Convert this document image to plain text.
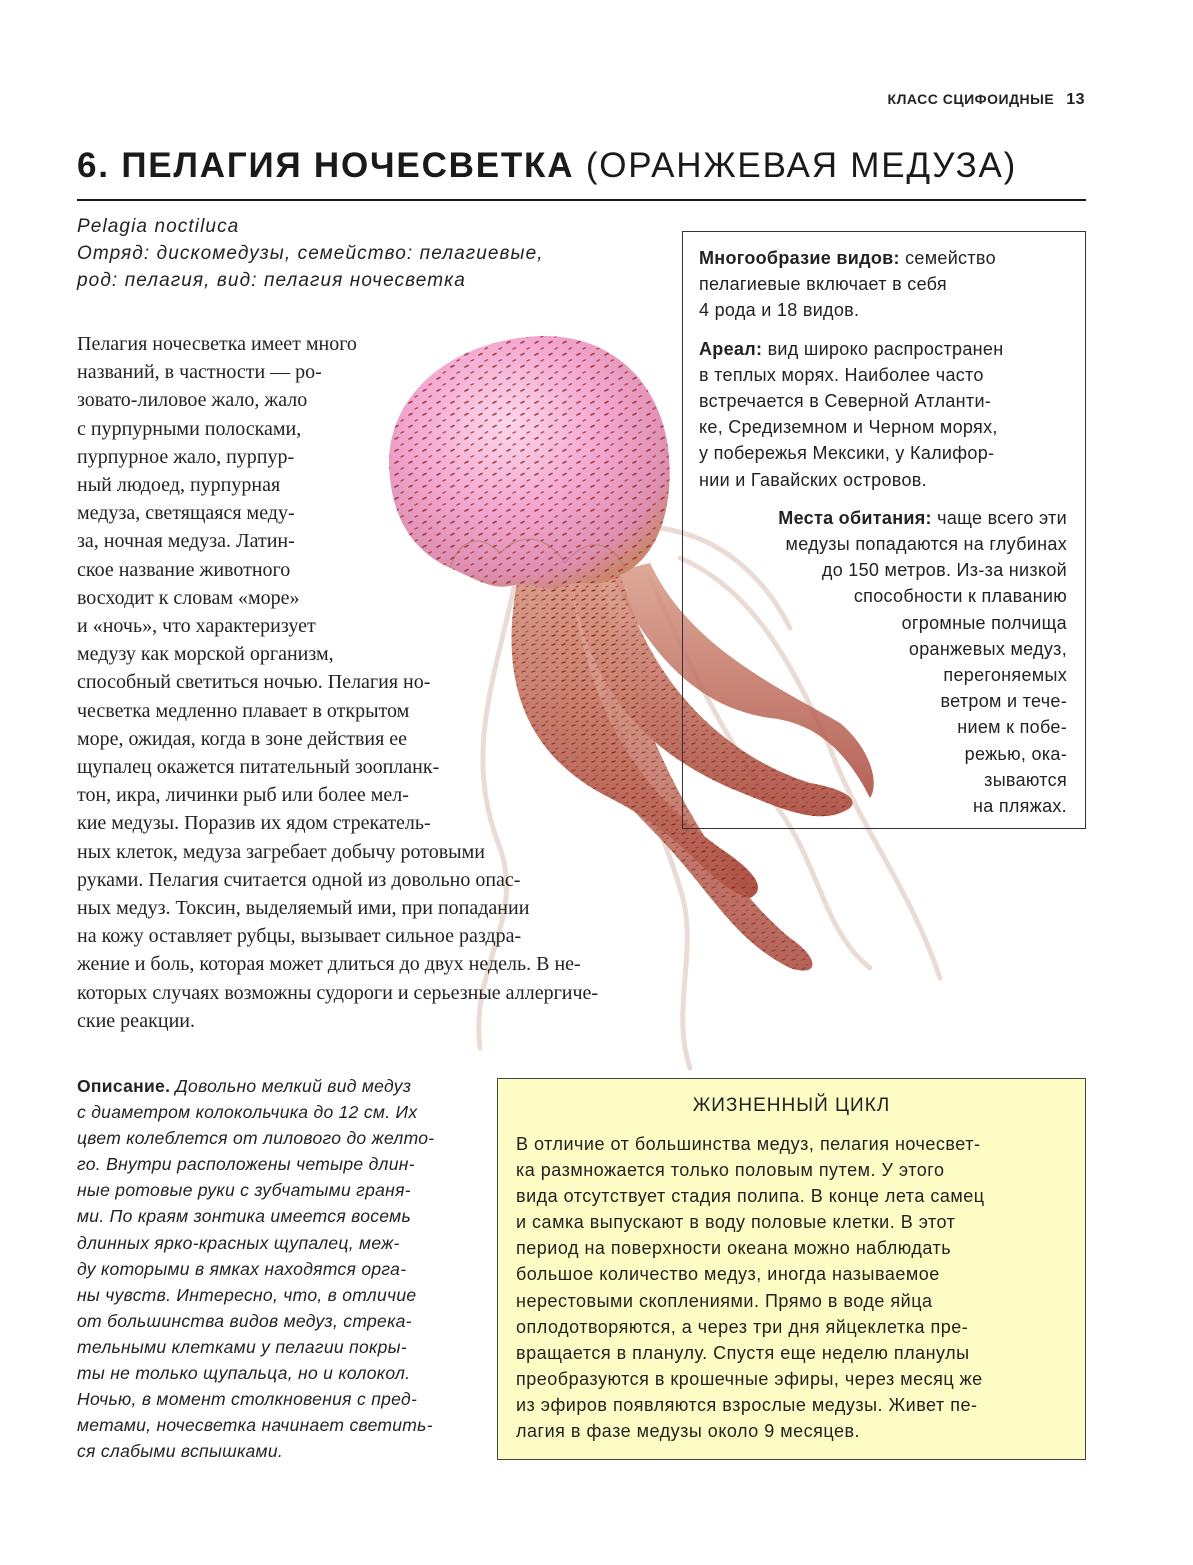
КЛАСС СЦИФОИДНЫЕ 13
6. ПЕЛАГИЯ НОЧЕСВЕТКА (ОРАНЖЕВАЯ МЕДУЗА)
Pelagia noctiluca
Отряд: дискомедузы, семейство: пелагиевые,
род: пелагия, вид: пелагия ночесветка
Пелагия ночесветка имеет много
названий, в частности — ро-
зовато-лиловое жало, жало
с пурпурными полосками,
пурпурное жало, пурпур-
ный людоед, пурпурная
медуза, светящаяся меду-
за, ночная медуза. Латин-
ское название животного
восходит к словам «море»
и «ночь», что характеризует
медузу как морской организм,
способный светиться ночью. Пелагия но-
чесветка медленно плавает в открытом
море, ожидая, когда в зоне действия ее
щупалец окажется питательный зоопланк-
тон, икра, личинки рыб или более мел-
кие медузы. Поразив их ядом стрекатель-
ных клеток, медуза загребает добычу ротовыми
руками. Пелагия считается одной из довольно опас-
ных медуз. Токсин, выделяемый ими, при попадании
на кожу оставляет рубцы, вызывает сильное раздра-
жение и боль, которая может длиться до двух недель. В не-
которых случаях возможны судороги и серьезные аллергиче-
ские реакции.
Многообразие видов: семейство
пелагиевые включает в себя
4 рода и 18 видов.
Ареал: вид широко распространен
в теплых морях. Наиболее часто
встречается в Северной Атланти-
ке, Средиземном и Черном морях,
у побережья Мексики, у Калифор-
нии и Гавайских островов.
Места обитания: чаще всего эти
медузы попадаются на глубинах
до 150 метров. Из-за низкой
способности к плаванию
огромные полчища
оранжевых медуз,
перегоняемых
ветром и тече-
нием к побе-
режью, ока-
зываются
на пляжах.
Описание. Довольно мелкий вид медуз
с диаметром колокольчика до 12 см. Их
цвет колеблется от лилового до желто-
го. Внутри расположены четыре длин-
ные ротовые руки с зубчатыми граня-
ми. По краям зонтика имеется восемь
длинных ярко-красных щупалец, меж-
ду которыми в ямках находятся орга-
ны чувств. Интересно, что, в отличие
от большинства видов медуз, стрека-
тельными клетками у пелагии покры-
ты не только щупальца, но и колокол.
Ночью, в момент столкновения с пред-
метами, ночесветка начинает светить-
ся слабыми вспышками.
ЖИЗНЕННЫЙ ЦИКЛ
В отличие от большинства медуз, пелагия ночесвет-
ка размножается только половым путем. У этого
вида отсутствует стадия полипа. В конце лета самец
и самка выпускают в воду половые клетки. В этот
период на поверхности океана можно наблюдать
большое количество медуз, иногда называемое
нерестовыми скоплениями. Прямо в воде яйца
оплодотворяются, а через три дня яйцеклетка пре-
вращается в планулу. Спустя еще неделю планулы
преобразуются в крошечные эфиры, через месяц же
из эфиров появляются взрослые медузы. Живет пе-
лагия в фазе медузы около 9 месяцев.
